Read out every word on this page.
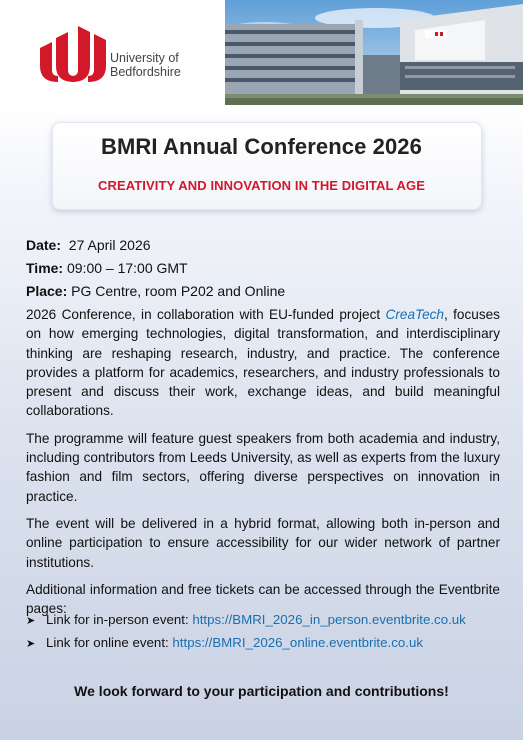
University of
Bedfordshire
BMRI Annual Conference 2026
CREATIVITY AND INNOVATION IN THE DIGITAL AGE
Date: 27 April 2026
Time: 09:00 – 17:00 GMT
Place: PG Centre, room P202 and Online

2026 Conference, in collaboration with EU-funded project CreaTech, focuses on how emerging technologies, digital transformation, and interdisciplinary thinking are reshaping research, industry, and practice. The conference provides a platform for academics, researchers, and industry professionals to present and discuss their work, exchange ideas, and build meaningful collaborations.

The programme will feature guest speakers from both academia and industry, including contributors from Leeds University, as well as experts from the luxury fashion and film sectors, offering diverse perspectives on innovation in practice.

The event will be delivered in a hybrid format, allowing both in-person and online participation to ensure accessibility for our wider network of partner institutions.

Additional information and free tickets can be accessed through the Eventbrite pages:

➤ Link for in-person event: https://BMRI_2026_in_person.eventbrite.co.uk
➤ Link for online event: https://BMRI_2026_online.eventbrite.co.uk
We look forward to your participation and contributions!
